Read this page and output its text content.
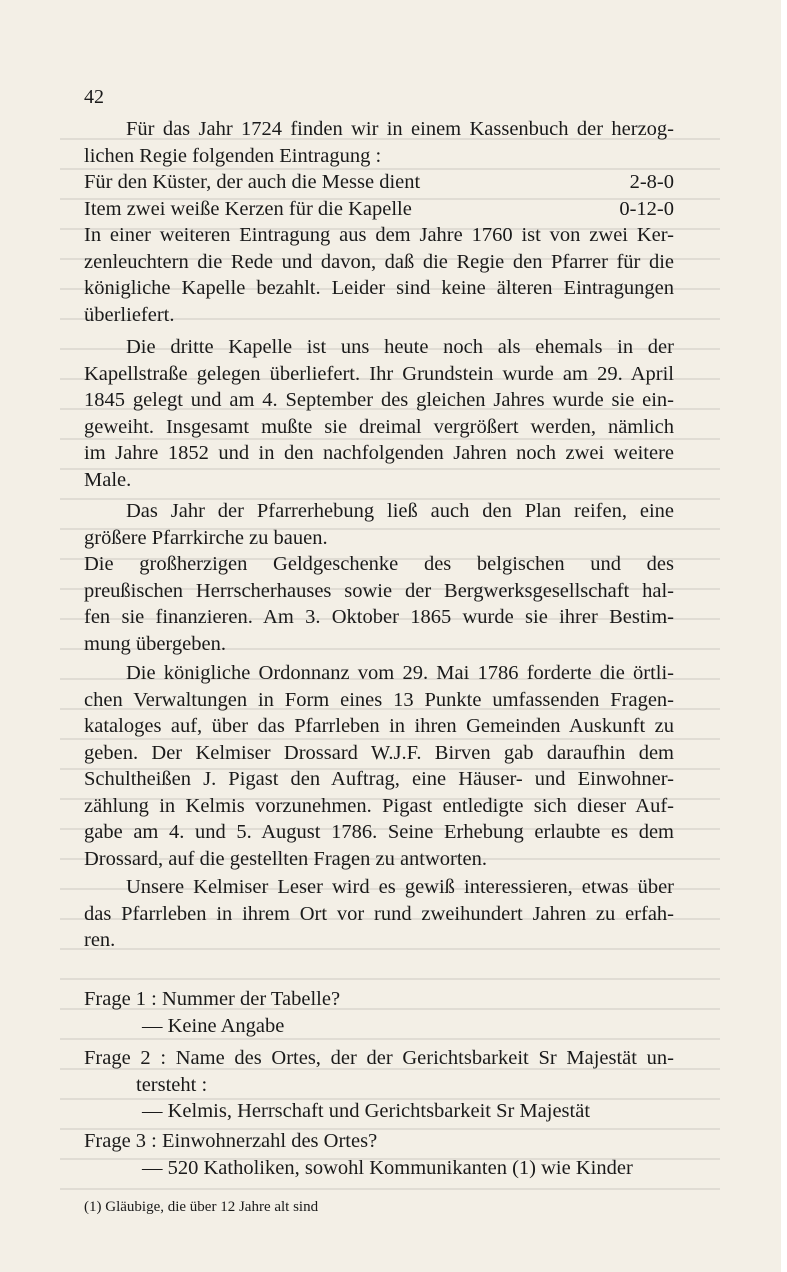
42
Für das Jahr 1724 finden wir in einem Kassenbuch der herzog-
lichen Regie folgenden Eintragung :
Für den Küster, der auch die Messe dient	2-8-0
Item zwei weiße Kerzen für die Kapelle	0-12-0
In einer weiteren Eintragung aus dem Jahre 1760 ist von zwei Ker-
zenleuchtern die Rede und davon, daß die Regie den Pfarrer für die
königliche Kapelle bezahlt. Leider sind keine älteren Eintragungen
überliefert.
Die dritte Kapelle ist uns heute noch als ehemals in der
Kapellstraße gelegen überliefert. Ihr Grundstein wurde am 29. April
1845 gelegt und am 4. September des gleichen Jahres wurde sie ein-
geweiht. Insgesamt mußte sie dreimal vergrößert werden, nämlich
im Jahre 1852 und in den nachfolgenden Jahren noch zwei weitere
Male.
Das Jahr der Pfarrerhebung ließ auch den Plan reifen, eine
größere Pfarrkirche zu bauen.
Die großherzigen Geldgeschenke des belgischen und des
preußischen Herrscherhauses sowie der Bergwerksgesellschaft hal-
fen sie finanzieren. Am 3. Oktober 1865 wurde sie ihrer Bestim-
mung übergeben.
Die königliche Ordonnanz vom 29. Mai 1786 forderte die örtli-
chen Verwaltungen in Form eines 13 Punkte umfassenden Fragen-
kataloges auf, über das Pfarrleben in ihren Gemeinden Auskunft zu
geben. Der Kelmiser Drossard W.J.F. Birven gab daraufhin dem
Schultheißen J. Pigast den Auftrag, eine Häuser- und Einwohner-
zählung in Kelmis vorzunehmen. Pigast entledigte sich dieser Auf-
gabe am 4. und 5. August 1786. Seine Erhebung erlaubte es dem
Drossard, auf die gestellten Fragen zu antworten.
Unsere Kelmiser Leser wird es gewiß interessieren, etwas über
das Pfarrleben in ihrem Ort vor rund zweihundert Jahren zu erfah-
ren.
Frage 1 : Nummer der Tabelle?
— Keine Angabe
Frage 2 : Name des Ortes, der der Gerichtsbarkeit Sr Majestät un-
tersteht :
— Kelmis, Herrschaft und Gerichtsbarkeit Sr Majestät
Frage 3 : Einwohnerzahl des Ortes?
— 520 Katholiken, sowohl Kommunikanten (1) wie Kinder
(1) Gläubige, die über 12 Jahre alt sind
